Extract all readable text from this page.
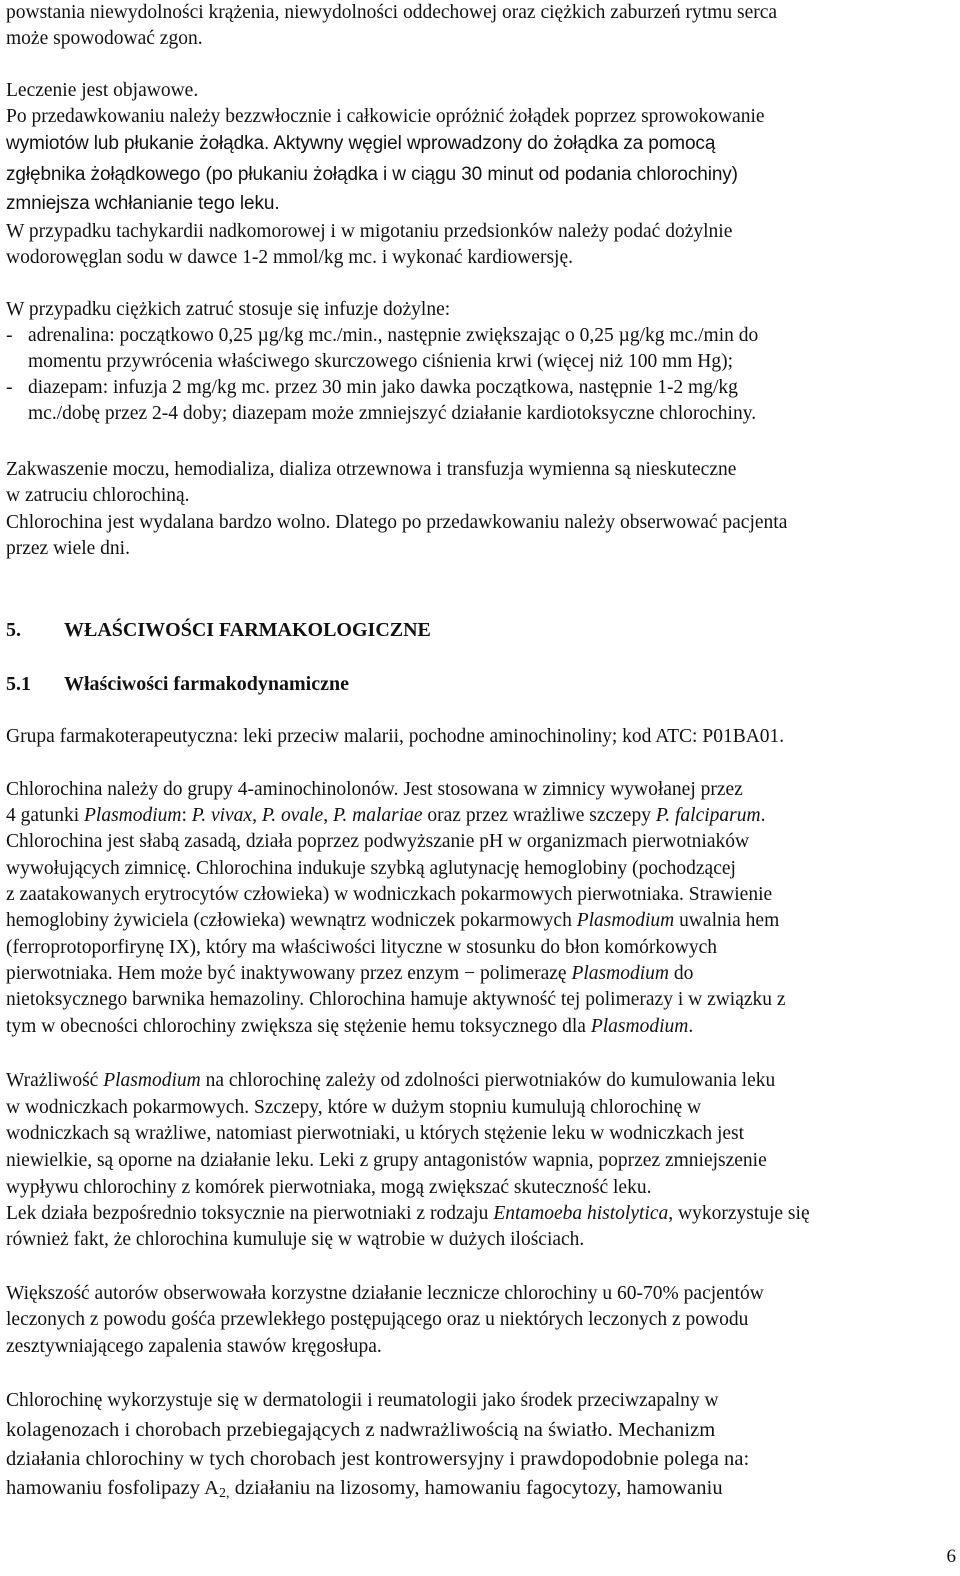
powstania niewydolności krążenia, niewydolności oddechowej oraz ciężkich zaburzeń rytmu serca
może spowodować zgon.
Leczenie jest objawowe.
Po przedawkowaniu należy bezzwłocznie i całkowicie opróżnić żołądek poprzez sprowokowanie
wymiotów lub płukanie żołądka. Aktywny węgiel wprowadzony do żołądka za pomocą
zgłębnika żołądkowego (po płukaniu żołądka i w ciągu 30 minut od podania chlorochiny)
zmniejsza wchłanianie tego leku.
W przypadku tachykardii nadkomorowej i w migotaniu przedsionków należy podać dożylnie
wodorowęglan sodu w dawce 1-2 mmol/kg mc. i wykonać kardiowersję.
W przypadku ciężkich zatruć stosuje się infuzje dożylne:
- adrenalina: początkowo 0,25 µg/kg mc./min., następnie zwiększając o 0,25 µg/kg mc./min do
momentu przywrócenia właściwego skurczowego ciśnienia krwi (więcej niż 100 mm Hg);
- diazepam: infuzja 2 mg/kg mc. przez 30 min jako dawka początkowa, następnie 1-2 mg/kg
mc./dobę przez 2-4 doby; diazepam może zmniejszyć działanie kardiotoksyczne chlorochiny.
Zakwaszenie moczu, hemodializa, dializa otrzewnowa i transfuzja wymienna są nieskuteczne
w zatruciu chlorochiną.
Chlorochina jest wydalana bardzo wolno. Dlatego po przedawkowaniu należy obserwować pacjenta
przez wiele dni.
5. WŁAŚCIWOŚCI FARMAKOLOGICZNE
5.1 Właściwości farmakodynamiczne
Grupa farmakoterapeutyczna: leki przeciw malarii, pochodne aminochinoliny; kod ATC: P01BA01.
Chlorochina należy do grupy 4-aminochinolonów. Jest stosowana w zimnicy wywołanej przez
4 gatunki Plasmodium: P. vivax, P. ovale, P. malariae oraz przez wrażliwe szczepy P. falciparum.
Chlorochina jest słabą zasadą, działa poprzez podwyższanie pH w organizmach pierwotniaków
wywołujących zimnicę. Chlorochina indukuje szybką aglutynację hemoglobiny (pochodzącej
z zaatakowanych erytrocytów człowieka) w wodniczkach pokarmowych pierwotniaka. Strawienie
hemoglobiny żywiciela (człowieka) wewnątrz wodniczek pokarmowych Plasmodium uwalnia hem
(ferroprotoporfirynę IX), który ma właściwości lityczne w stosunku do błon komórkowych
pierwotniaka. Hem może być inaktywowany przez enzym − polimerazę Plasmodium do
nietoksycznego barwnika hemazoliny. Chlorochina hamuje aktywność tej polimerazy i w związku z
tym w obecności chlorochiny zwiększa się stężenie hemu toksycznego dla Plasmodium.
Wrażliwość Plasmodium na chlorochinę zależy od zdolności pierwotniaków do kumulowania leku
w wodniczkach pokarmowych. Szczepy, które w dużym stopniu kumulują chlorochinę w
wodniczkach są wrażliwe, natomiast pierwotniaki, u których stężenie leku w wodniczkach jest
niewielkie, są oporne na działanie leku. Leki z grupy antagonistów wapnia, poprzez zmniejszenie
wypływu chlorochiny z komórek pierwotniaka, mogą zwiększać skuteczność leku.
Lek działa bezpośrednio toksycznie na pierwotniaki z rodzaju Entamoeba histolytica, wykorzystuje się
również fakt, że chlorochina kumuluje się w wątrobie w dużych ilościach.
Większość autorów obserwowała korzystne działanie lecznicze chlorochiny u 60-70% pacjentów
leczonych z powodu gośća przewlekłego postępującego oraz u niektórych leczonych z powodu
zesztywniającego zapalenia stawów kręgosłupa.
Chlorochinę wykorzystuje się w dermatologii i reumatologii jako środek przeciwzapalny w
kolagenozach i chorobach przebiegających z nadwrażliwością na światło. Mechanizm
działania chlorochiny w tych chorobach jest kontrowersyjny i prawdopodobnie polega na:
hamowaniu fosfolipazy $A_{2,}$ działaniu na lizosomy, hamowaniu fagocytozy, hamowaniu
6
